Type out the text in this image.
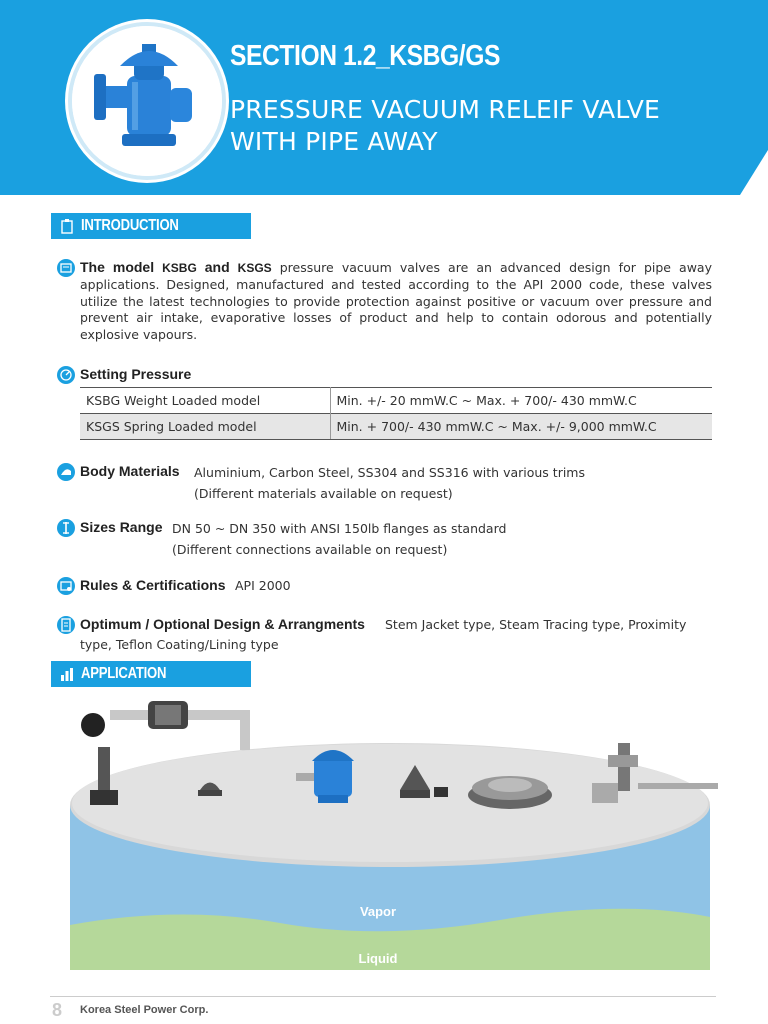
SECTION 1.2_KSBG/GS
PRESSURE VACUUM RELEIF VALVE
WITH PIPE AWAY
INTRODUCTION
The model KSBG and KSGS pressure vacuum valves are an advanced design for pipe away applications. Designed, manufactured and tested according to the API 2000 code, these valves utilize the latest technologies to provide protection against positive or vacuum over pressure and prevent air intake, evaporative losses of product and help to contain odorous and potentially explosive vapours.
Setting Pressure
KSBG Weight Loaded model	Min. +/- 20 mmW.C ~ Max. + 700/- 430 mmW.C
KSGS Spring Loaded model	Min. + 700/- 430 mmW.C ~ Max. +/- 9,000 mmW.C
Body Materials Aluminium, Carbon Steel, SS304 and SS316 with various trims
(Different materials available on request)
Sizes Range DN 50 ~ DN 350 with ANSI 150lb flanges as standard
(Different connections available on request)
Rules & Certifications API 2000
Optimum / Optional Design & Arrangments Stem Jacket type, Steam Tracing type, Proximity
type, Teflon Coating/Lining type
APPLICATION
Vapor
Liquid
8 Korea Steel Power Corp.
